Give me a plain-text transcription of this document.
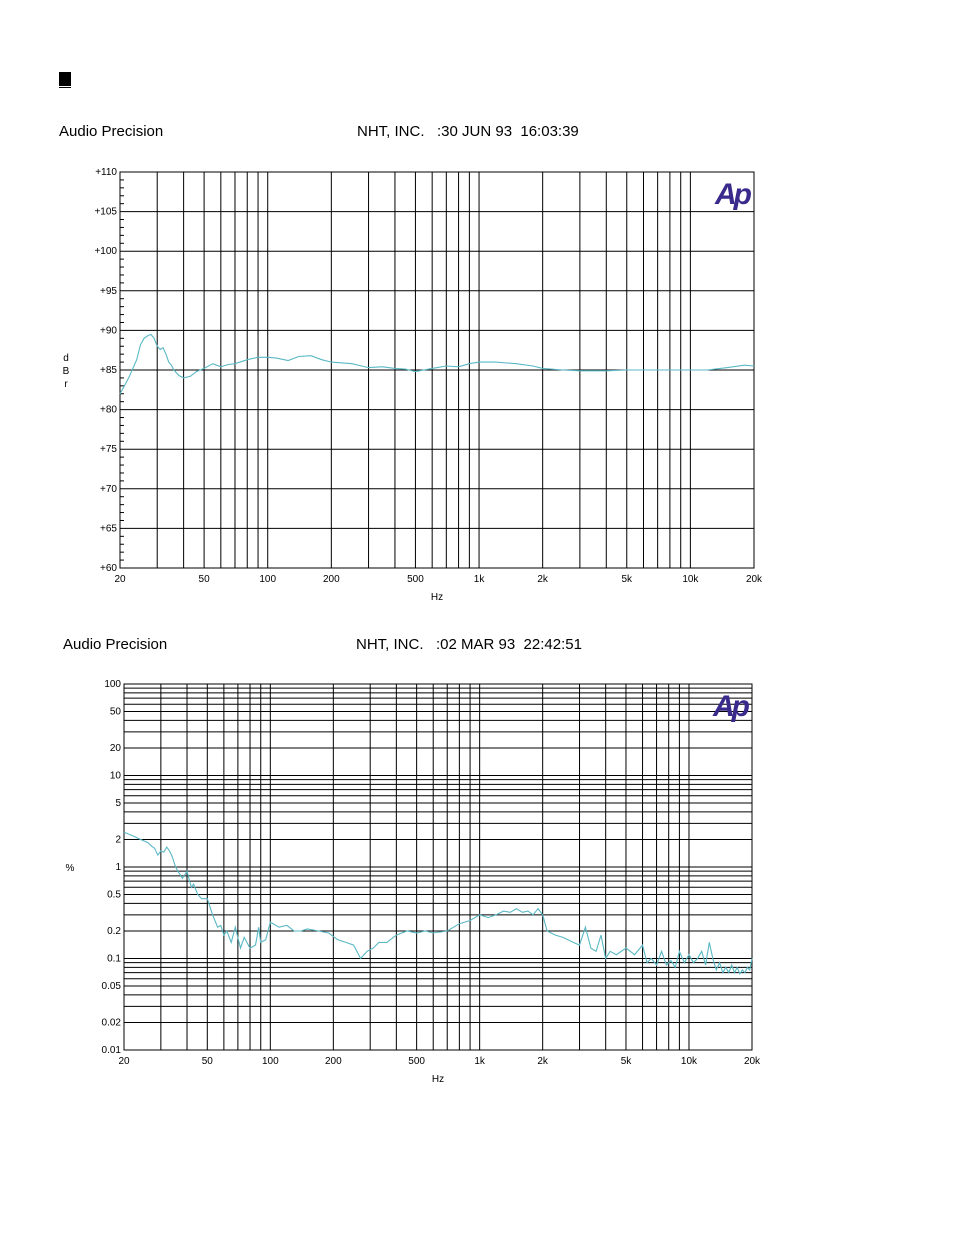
Audio Precision	NHT, INC.   :30 JUN 93  16:03:39
20	50	100	200	500	1k	2k	5k	10k	20k
+110
+105
+100
+95
+90
+85
+80
+75
+70
+65
+60
Hz
d
B
r
Ap
Audio Precision	NHT, INC.   :02 MAR 93  22:42:51
20	50	100	200	500	1k	2k	5k	10k	20k
100
50
20
10
5
2
1
0.5
0.2
0.1
0.05
0.02
0.01
Hz
%
Ap
